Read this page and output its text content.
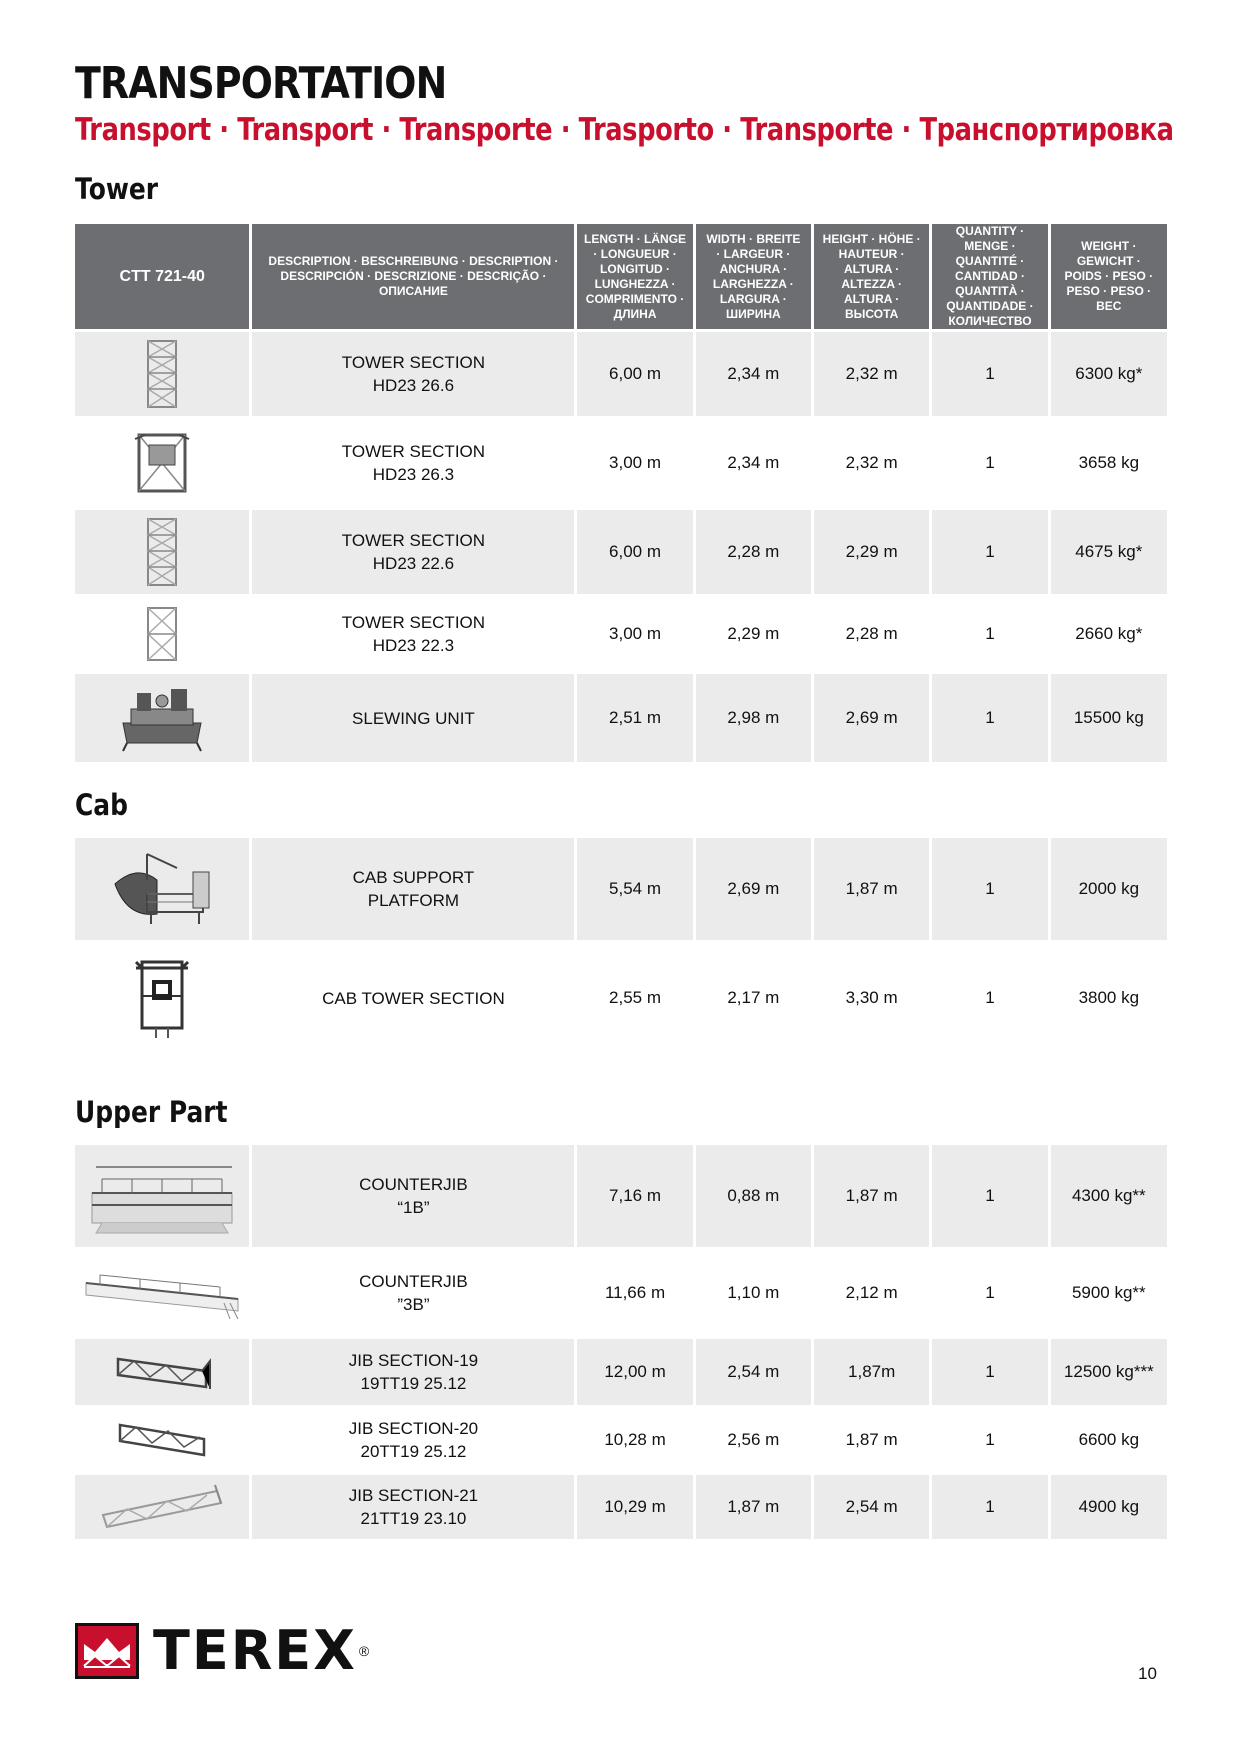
TRANSPORTATION
Transport · Transport · Transporte · Trasporto · Transporte · Транспортировка
Tower
CTT 721-40	DESCRIPTION · BESCHREIBUNG · DESCRIPTION · DESCRIPCIÓN · DESCRIZIONE · DESCRIÇÃO · ОПИСАНИЕ	LENGTH · LÄNGE · LONGUEUR · LONGITUD · LUNGHEZZA · COMPRIMENTO · ДЛИНА	WIDTH · BREITE · LARGEUR · ANCHURA · LARGHEZZA · LARGURA · ШИРИНА	HEIGHT · HÖHE · HAUTEUR · ALTURA · ALTEZZA · ALTURA · ВЫСОТА	QUANTITY · MENGE · QUANTITÉ · CANTIDAD · QUANTITÀ · QUANTIDADE · КОЛИЧЕСТВО	WEIGHT · GEWICHT · POIDS · PESO · PESO · PESO · ВЕС

	TOWER SECTION
HD23 26.6	6,00 m	2,34 m	2,32 m	1	6300 kg*

	TOWER SECTION
HD23 26.3	3,00 m	2,34 m	2,32 m	1	3658 kg

	TOWER SECTION
HD23 22.6	6,00 m	2,28 m	2,29 m	1	4675 kg*

	TOWER SECTION
HD23 22.3	3,00 m	2,29 m	2,28 m	1	2660 kg*

	SLEWING UNIT	2,51 m	2,98 m	2,69 m	1	15500 kg
Cab
	CAB SUPPORT
PLATFORM	5,54 m	2,69 m	1,87 m	1	2000 kg

	CAB TOWER SECTION	2,55 m	2,17 m	3,30 m	1	3800 kg
Upper Part
	COUNTERJIB
“1B”	7,16 m	0,88 m	1,87 m	1	4300 kg**

	COUNTERJIB
”3B”	11,66 m	1,10 m	2,12 m	1	5900 kg**

	JIB SECTION-19
19TT19 25.12	12,00 m	2,54 m	1,87m	1	12500 kg***

	JIB SECTION-20
20TT19 25.12	10,28 m	2,56 m	1,87 m	1	6600 kg

	JIB SECTION-21
21TT19 23.10	10,29 m	1,87 m	2,54 m	1	4900 kg
TEREX ®
10
